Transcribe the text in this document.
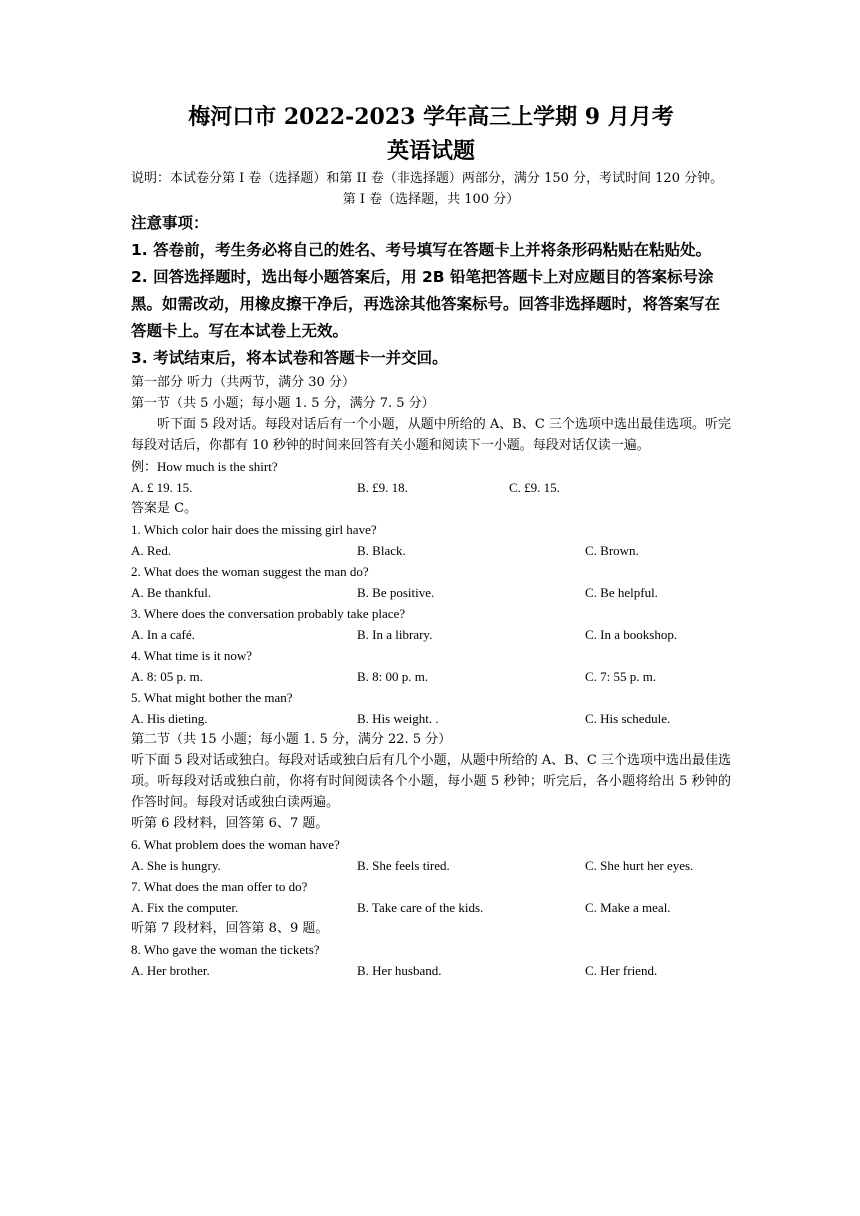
梅河口市 2022-2023 学年高三上学期 9 月月考
英语试题
说明：本试卷分第 I 卷（选择题）和第 II 卷（非选择题）两部分，满分 150 分，考试时间 120 分钟。
第 I 卷（选择题，共 100 分）
注意事项：
1. 答卷前，考生务必将自己的姓名、考号填写在答题卡上并将条形码粘贴在粘贴处。
2. 回答选择题时，选出每小题答案后，用 2B 铅笔把答题卡上对应题目的答案标号涂黑。如需改动，用橡皮擦干净后，再选涂其他答案标号。回答非选择题时，将答案写在答题卡上。写在本试卷上无效。
3. 考试结束后，将本试卷和答题卡一并交回。
第一部分 听力（共两节，满分 30 分）
第一节（共 5 小题；每小题 1. 5 分，满分 7. 5 分）
听下面 5 段对话。每段对话后有一个小题，从题中所给的 A、B、C 三个选项中选出最佳选项。听完每段对话后，你都有 10 秒钟的时间来回答有关小题和阅读下一小题。每段对话仅读一遍。
例：How much is the shirt?
A. £ 19. 15.	B. £9. 18.	C. £9. 15.
答案是 C。
1. Which color hair does the missing girl have?
A. Red.	B. Black.	C. Brown.
2. What does the woman suggest the man do?
A. Be thankful.	B. Be positive.	C. Be helpful.
3. Where does the conversation probably take place?
A. In a café.	B. In a library.	C. In a bookshop.
4. What time is it now?
A. 8: 05 p. m.	B. 8: 00 p. m.	C. 7: 55 p. m.
5. What might bother the man?
A. His dieting.	B. His weight. .	C. His schedule.
第二节（共 15 小题；每小题 1. 5 分，满分 22. 5 分）
听下面 5 段对话或独白。每段对话或独白后有几个小题，从题中所给的 A、B、C 三个选项中选出最佳选项。听每段对话或独白前，你将有时间阅读各个小题，每小题 5 秒钟；听完后，各小题将给出 5 秒钟的作答时间。每段对话或独白读两遍。
听第 6 段材料，回答第 6、7 题。
6. What problem does the woman have?
A. She is hungry.	B. She feels tired.	C. She hurt her eyes.
7. What does the man offer to do?
A. Fix the computer.	B. Take care of the kids.	C. Make a meal.
听第 7 段材料，回答第 8、9 题。
8. Who gave the woman the tickets?
A. Her brother.	B. Her husband.	C. Her friend.
